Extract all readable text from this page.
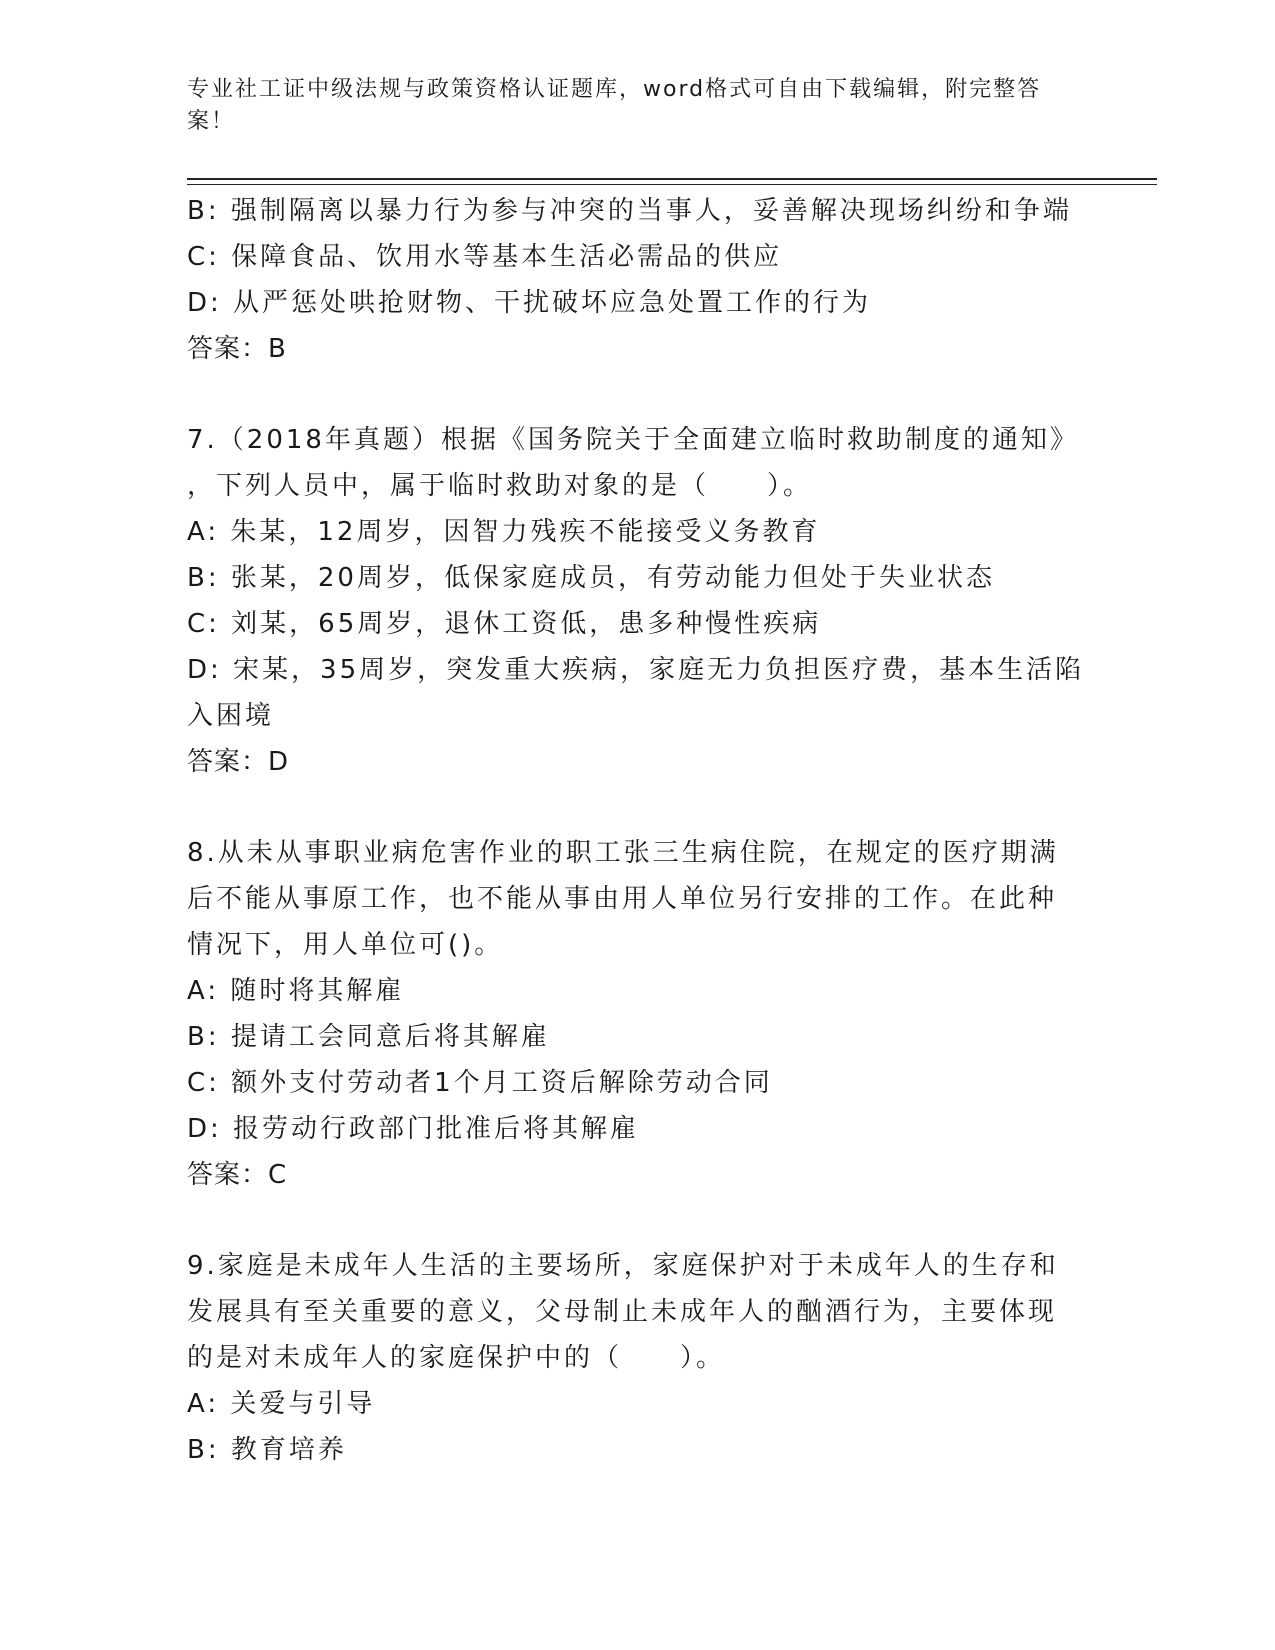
专业社工证中级法规与政策资格认证题库，word格式可自由下载编辑，附完整答案！
B: 强制隔离以暴力行为参与冲突的当事人，妥善解决现场纠纷和争端
C: 保障食品、饮用水等基本生活必需品的供应
D: 从严惩处哄抢财物、干扰破坏应急处置工作的行为
答案：B
7.（2018年真题）根据《国务院关于全面建立临时救助制度的通知》
，下列人员中，属于临时救助对象的是（　　）。
A: 朱某，12周岁，因智力残疾不能接受义务教育
B: 张某，20周岁，低保家庭成员，有劳动能力但处于失业状态
C: 刘某，65周岁，退休工资低，患多种慢性疾病
D: 宋某，35周岁，突发重大疾病，家庭无力负担医疗费，基本生活陷
入困境
答案：D
8.从未从事职业病危害作业的职工张三生病住院，在规定的医疗期满
后不能从事原工作，也不能从事由用人单位另行安排的工作。在此种
情况下，用人单位可()。
A: 随时将其解雇
B: 提请工会同意后将其解雇
C: 额外支付劳动者1个月工资后解除劳动合同
D: 报劳动行政部门批准后将其解雇
答案：C
9.家庭是未成年人生活的主要场所，家庭保护对于未成年人的生存和
发展具有至关重要的意义，父母制止未成年人的酗酒行为，主要体现
的是对未成年人的家庭保护中的（　　）。
A: 关爱与引导
B: 教育培养
